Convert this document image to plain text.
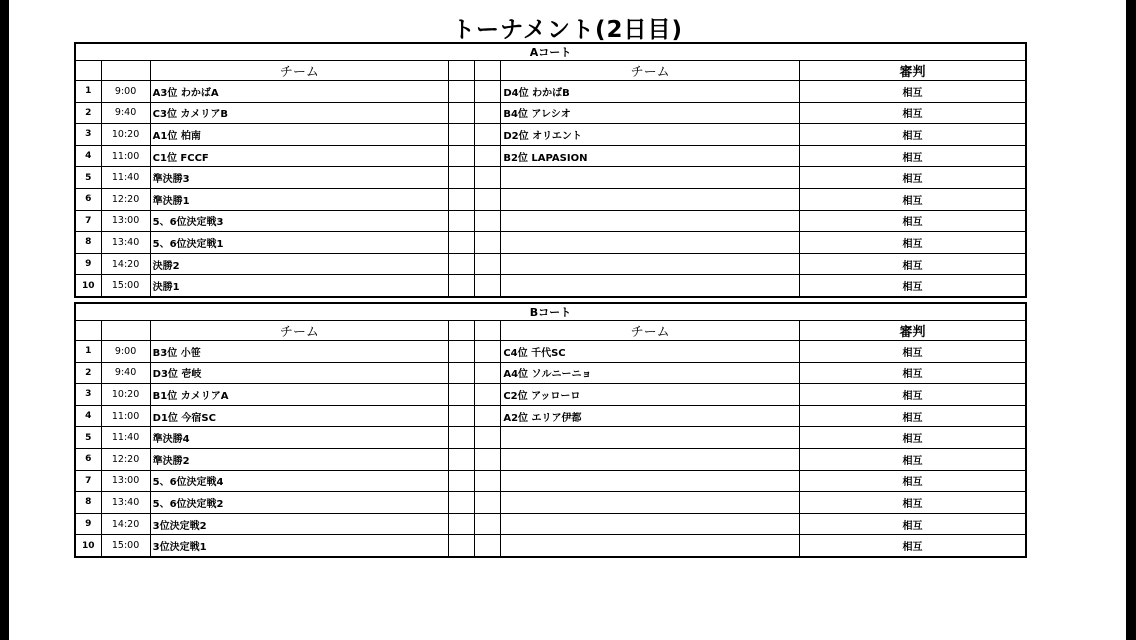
トーナメント(2日目)
Aコート						
		チーム			チーム	審判
1	9:00	A3位 わかばA			D4位 わかばB	相互
2	9:40	C3位 カメリアB			B4位 アレシオ	相互
3	10:20	A1位 柏南			D2位 オリエント	相互
4	11:00	C1位 FCCF			B2位 LAPASION	相互
5	11:40	準決勝3				相互
6	12:20	準決勝1				相互
7	13:00	5、6位決定戦3				相互
8	13:40	5、6位決定戦1				相互
9	14:20	決勝2				相互
10	15:00	決勝1				相互
Bコート						
		チーム			チーム	審判
1	9:00	B3位 小笹			C4位 千代SC	相互
2	9:40	D3位 壱岐			A4位 ソルニーニョ	相互
3	10:20	B1位 カメリアA			C2位 アッローロ	相互
4	11:00	D1位 今宿SC			A2位 エリア伊都	相互
5	11:40	準決勝4				相互
6	12:20	準決勝2				相互
7	13:00	5、6位決定戦4				相互
8	13:40	5、6位決定戦2				相互
9	14:20	3位決定戦2				相互
10	15:00	3位決定戦1				相互
